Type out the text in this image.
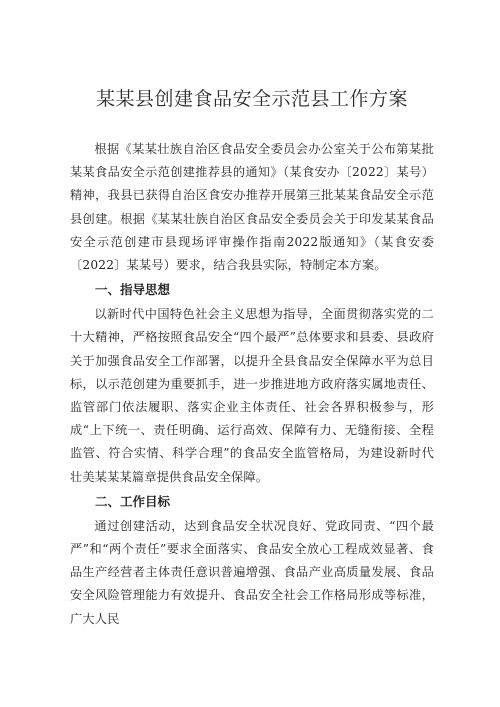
某某县创建食品安全示范县工作方案

根据《某某壮族自治区食品安全委员会办公室关于公布第某批某某食品安全示范创建推荐县的通知》（某食安办〔2022〕某号）精神，我县已获得自治区食安办推荐开展第三批某某食品安全示范县创建。根据《某某壮族自治区食品安全委员会关于印发某某食品安全示范创建市县现场评审操作指南2022版通知》（某食安委〔2022〕某某号）要求，结合我县实际，特制定本方案。

一、指导思想

以新时代中国特色社会主义思想为指导，全面贯彻落实党的二十大精神，严格按照食品安全“四个最严”总体要求和县委、县政府关于加强食品安全工作部署，以提升全县食品安全保障水平为总目标，以示范创建为重要抓手，进一步推进地方政府落实属地责任、监管部门依法履职、落实企业主体责任、社会各界积极参与，形成“上下统一、责任明确、运行高效、保障有力、无缝衔接、全程监管、符合实情、科学合理”的食品安全监管格局，为建设新时代壮美某某某篇章提供食品安全保障。

二、工作目标

通过创建活动，达到食品安全状况良好、党政同责、“四个最严”和“两个责任”要求全面落实、食品安全放心工程成效显著、食品生产经营者主体责任意识普遍增强、食品产业高质量发展、食品安全风险管理能力有效提升、食品安全社会工作格局形成等标准，广大人民
